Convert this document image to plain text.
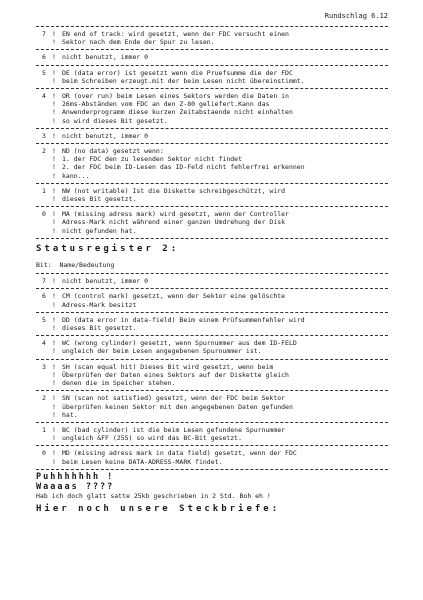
Rundschlag 6.12
7 !
!
EN end of track: wird gesetzt, wenn der FDC versucht einen
Sektor nach dem Ende der Spur zu lesen.
6 ! nicht benutzt, immer 0
5 !
!
DE (data error) ist gesetzt wenn die Pruefsumme die der FDC
beim Schreiben erzeugt.mit der beim Lesen nicht übereinstimmt.
4 !
!
!
!
OR (over run) beim Lesen eines Sektors werden die Daten in
26ms-Abständen vom FDC an den Z-80 geliefert.Kann das
Anwenderprogramm diese kurzen Zeitabstaende nicht einhalten
so wird dieses Bit gesetzt.
3 ! nicht benutzt, immer 0
2 !
!
!
!
ND (no data) gesetzt wenn:
1. der FDC den zu lesenden Sektor nicht findet
2. der FDC beim ID-Lesen das ID-Feld nicht fehlerfrei erkennen
kann...
1 !
!
NW (not writable) Ist die Diskette schreibgeschützt, wird
dieses Bit gesetzt.
0 !
!
!
MA (missing adress mark) wird gesetzt, wenn der Controller
Adress-Mark nicht während einer ganzen Umdrehung der Disk
nicht gefunden hat.
Statusregister 2:
Bit:  Name/Bedeutung
7 ! nicht benutzt, immer 0
6 !
!
CM (control mark) gesetzt, wenn der Sektor eine gelöschte
Adress-Mark besitzt
5 !
!
DD (data error in data-field) Beim einem Prüfsummenfehler wird
dieses Bit gesetzt.
4 !
!
WC (wrong cylinder) gesetzt, wenn Spurnummer aus dem ID-FELD
ungleich der beim Lesen angegebenen Spurnummer ist.
3 !
!
!
SH (scan equal hit) Dieses Bit wird gesetzt, wenn beim
Überprüfen der Daten eines Sektors auf der Diskette gleich
denen die im Speicher stehen.
2 !
!
!
SN (scan not satisfied) gesetzt, wenn der FDC beim Sektor
überprüfen keinen Sektor mit den angegebenen Daten gefunden
hat.
1 !
!
BC (bad cylinder) ist die beim Lesen gefundene Spurnummer
ungleich &FF (255) so wird das BC-Bit gesetzt.
0 !
!
MD (missing adress mark in data field) gesetzt, wenn der FDC
beim Lesen keine DATA-ADRESS-MARK findet.
Puhhhhhhh !
Waaaas ????
Hab ich doch glatt satte 25kb geschrieben in 2 Std. Boh eh !
Hier noch unsere Steckbriefe:
